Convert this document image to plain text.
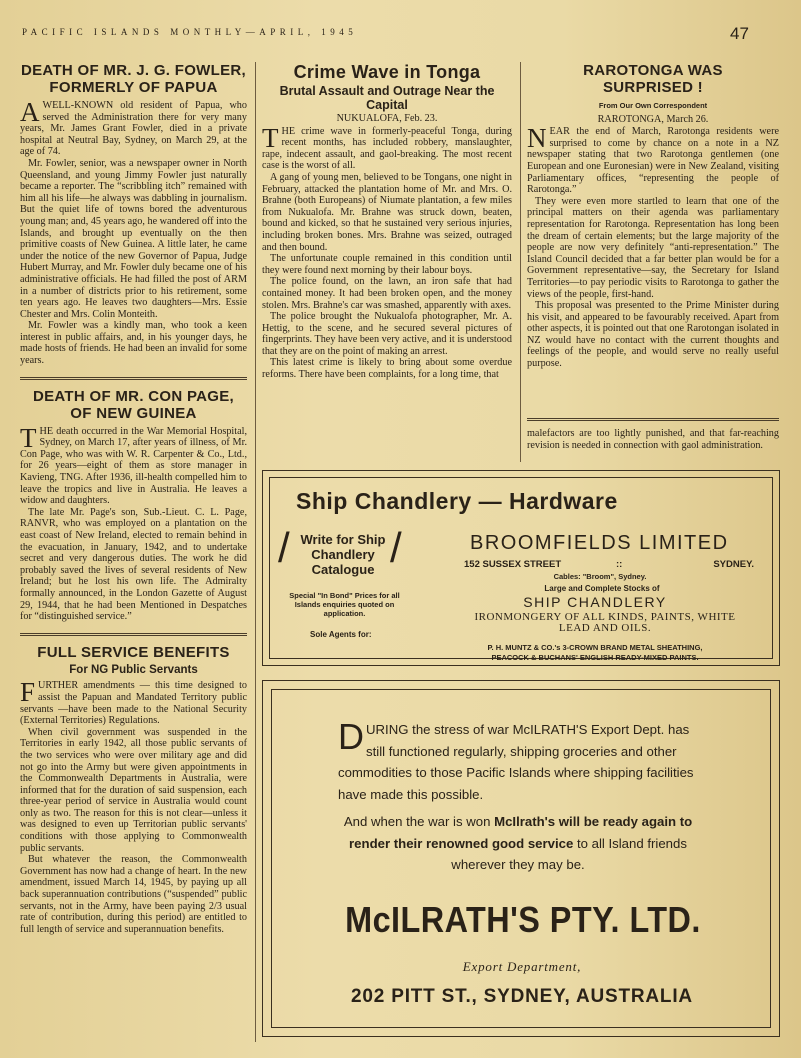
PACIFIC ISLANDS MONTHLY—APRIL, 1945	47
DEATH OF MR. J. G. FOWLER,
FORMERLY OF PAPUA

AWELL-KNOWN old resident of Papua, who served the Administration there for very many years, Mr. James Grant Fowler, died in a private hospital at Neutral Bay, Sydney, on March 29, at the age of 74.

Mr. Fowler, senior, was a newspaper owner in North Queensland, and young Jimmy Fowler just naturally became a reporter. The “scribbling itch” remained with him all his life—he always was dabbling in journalism. But the quiet life of towns bored the adventurous young man; and, 45 years ago, he wandered off into the Islands, and brought up eventually on the then primitive coasts of New Guinea. A little later, he came under the notice of the new Governor of Papua, Judge Hubert Murray, and Mr. Fowler duly became one of his administrative officials. He had filled the post of ARM in a number of districts prior to his retirement, some ten years ago. He leaves two daughters—Mrs. Essie Chester and Mrs. Colin Monteith.

Mr. Fowler was a kindly man, who took a keen interest in public affairs, and, in his younger days, he made hosts of friends. He had been an invalid for some years.

DEATH OF MR. CON PAGE,
OF NEW GUINEA

THE death occurred in the War Memorial Hospital, Sydney, on March 17, after years of illness, of Mr. Con Page, who was with W. R. Carpenter & Co., Ltd., for 26 years—eight of them as store manager in Kavieng, TNG. After 1936, ill-health compelled him to leave the tropics and live in Australia. He leaves a widow and daughters.

The late Mr. Page's son, Sub.-Lieut. C. L. Page, RANVR, who was employed on a plantation on the east coast of New Ireland, elected to remain behind in the evacuation, in January, 1942, and to undertake secret and very dangerous duties. The work he did probably saved the lives of several residents of New Ireland; but he lost his own life. The Admiralty formally announced, in the London Gazette of August 29, 1944, that he had been Mentioned in Despatches for “distinguished service.”

FULL SERVICE BENEFITS
For NG Public Servants

FURTHER amendments — this time designed to assist the Papuan and Mandated Territory public servants —have been made to the National Security (External Territories) Regulations.

When civil government was suspended in the Territories in early 1942, all those public servants of the two services who were over military age and did not go into the Army but were given appointments in the Commonwealth Departments in Australia, were informed that for the duration of said suspension, each three-year period of service in Australia would count only as two. The reason for this is not clear—unless it was designed to even up Territorian public servants' conditions with those applying to Commonwealth public servants.

But whatever the reason, the Commonwealth Government has now had a change of heart. In the new amendment, issued March 14, 1945, by paying up all back superannuation contributions (“suspended” public servants, not in the Army, have been paying 2/3 usual rate of contribution, during this period) are entitled to full length of service and superannuation benefits.

Crime Wave in Tonga
Brutal Assault and Outrage Near the Capital
NUKUALOFA, Feb. 23.

THE crime wave in formerly-peaceful Tonga, during recent months, has included robbery, manslaughter, rape, indecent assault, and gaol-breaking. The most recent case is the worst of all.

A gang of young men, believed to be Tongans, one night in February, attacked the plantation home of Mr. and Mrs. O. Brahne (both Europeans) of Niumate plantation, a few miles from Nukualofa. Mr. Brahne was struck down, beaten, bound and kicked, so that he sustained very serious injuries, including broken bones. Mrs. Brahne was seized, outraged and then bound.

The unfortunate couple remained in this condition until they were found next morning by their labour boys.

The police found, on the lawn, an iron safe that had contained money. It had been broken open, and the money stolen. Mrs. Brahne's car was smashed, apparently with axes.

The police brought the Nukualofa photographer, Mr. A. Hettig, to the scene, and he secured several pictures of fingerprints. They have been very active, and it is understood that they are on the point of making an arrest.

This latest crime is likely to bring about some overdue reforms. There have been complaints, for a long time, that

RAROTONGA WAS
SURPRISED !
From Our Own Correspondent
RAROTONGA, March 26.

NEAR the end of March, Rarotonga residents were surprised to come by chance on a note in a NZ newspaper stating that two Rarotonga gentlemen (one European and one Euronesian) were in New Zealand, visiting Parliamentary offices, “representing the people of Rarotonga.”

They were even more startled to learn that one of the principal matters on their agenda was parliamentary representation for Rarotonga. Representation has long been the dream of certain elements; but the large majority of the people are now very definitely “anti-representation.” The Island Council decided that a far better plan would be for a Government representative—say, the Secretary for Island Territories—to pay periodic visits to Rarotonga to gather the views of the people, first-hand.

This proposal was presented to the Prime Minister during his visit, and appeared to be favourably received. Apart from other aspects, it is pointed out that one Rarotongan isolated in NZ would have no contact with the current thoughts and feelings of the people, and would serve no really useful purpose.

malefactors are too lightly punished, and that far-reaching revision is needed in connection with gaol administration.

Ship Chandlery — Hardware
/ Write for Ship Chandlery Catalogue /
Special "In Bond" Prices for all Islands enquiries quoted on application.
Sole Agents for:
BROOMFIELDS LIMITED
152 SUSSEX STREET	::	SYDNEY.
Cables: "Broom", Sydney.
Large and Complete Stocks of
SHIP CHANDLERY
IRONMONGERY OF ALL KINDS, PAINTS, WHITE LEAD AND OILS.
P. H. MUNTZ & CO.'s 3-CROWN BRAND METAL SHEATHING,
PEACOCK & BUCHANS' ENGLISH READY-MIXED PAINTS.

DURING the stress of war McILRATH'S Export Dept. has still functioned regularly, shipping groceries and other commodities to those Pacific Islands where shipping facilities have made this possible.

And when the war is won McIlrath's will be ready again to render their renowned good service to all Island friends wherever they may be.

McILRATH'S PTY. LTD.
Export Department,
202 PITT ST., SYDNEY, AUSTRALIA
